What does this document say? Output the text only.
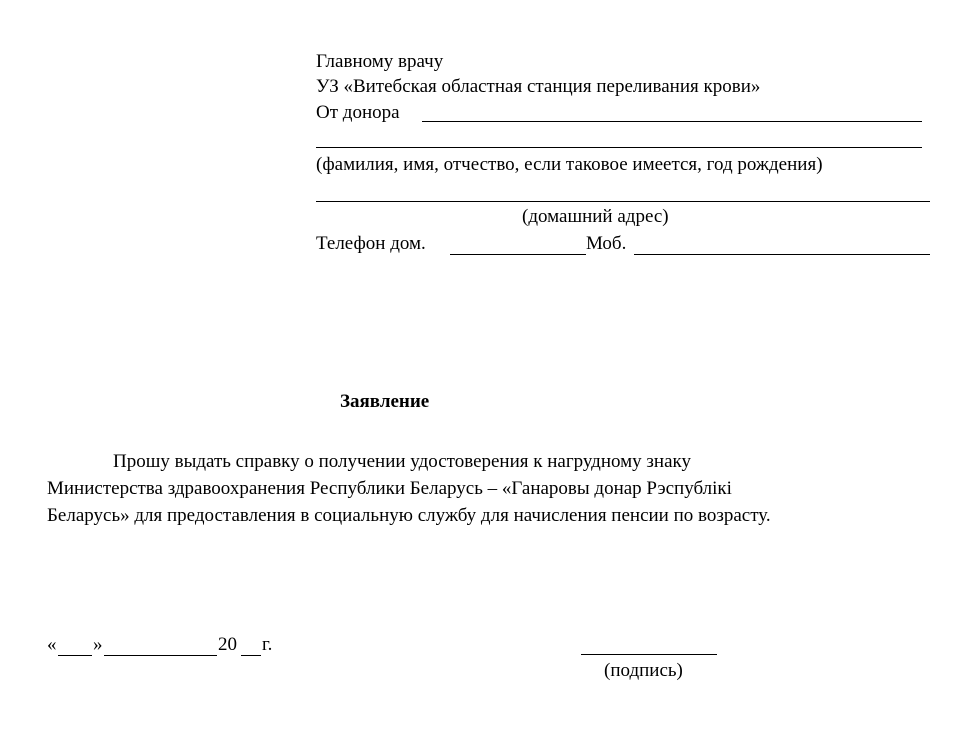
Главному врачу
УЗ «Витебская областная станция переливания крови»
От донора
(фамилия, имя, отчество, если таковое имеется, год рождения)
(домашний адрес)
Телефон дом.	Моб.
Заявление
Прошу выдать справку о получении удостоверения к нагрудному знаку
Министерства здравоохранения Республики Беларусь – «Ганаровы донар Рэспублікі
Беларусь» для предоставления в социальную службу для начисления пенсии по возрасту.
« »	20 г.
(подпись)
